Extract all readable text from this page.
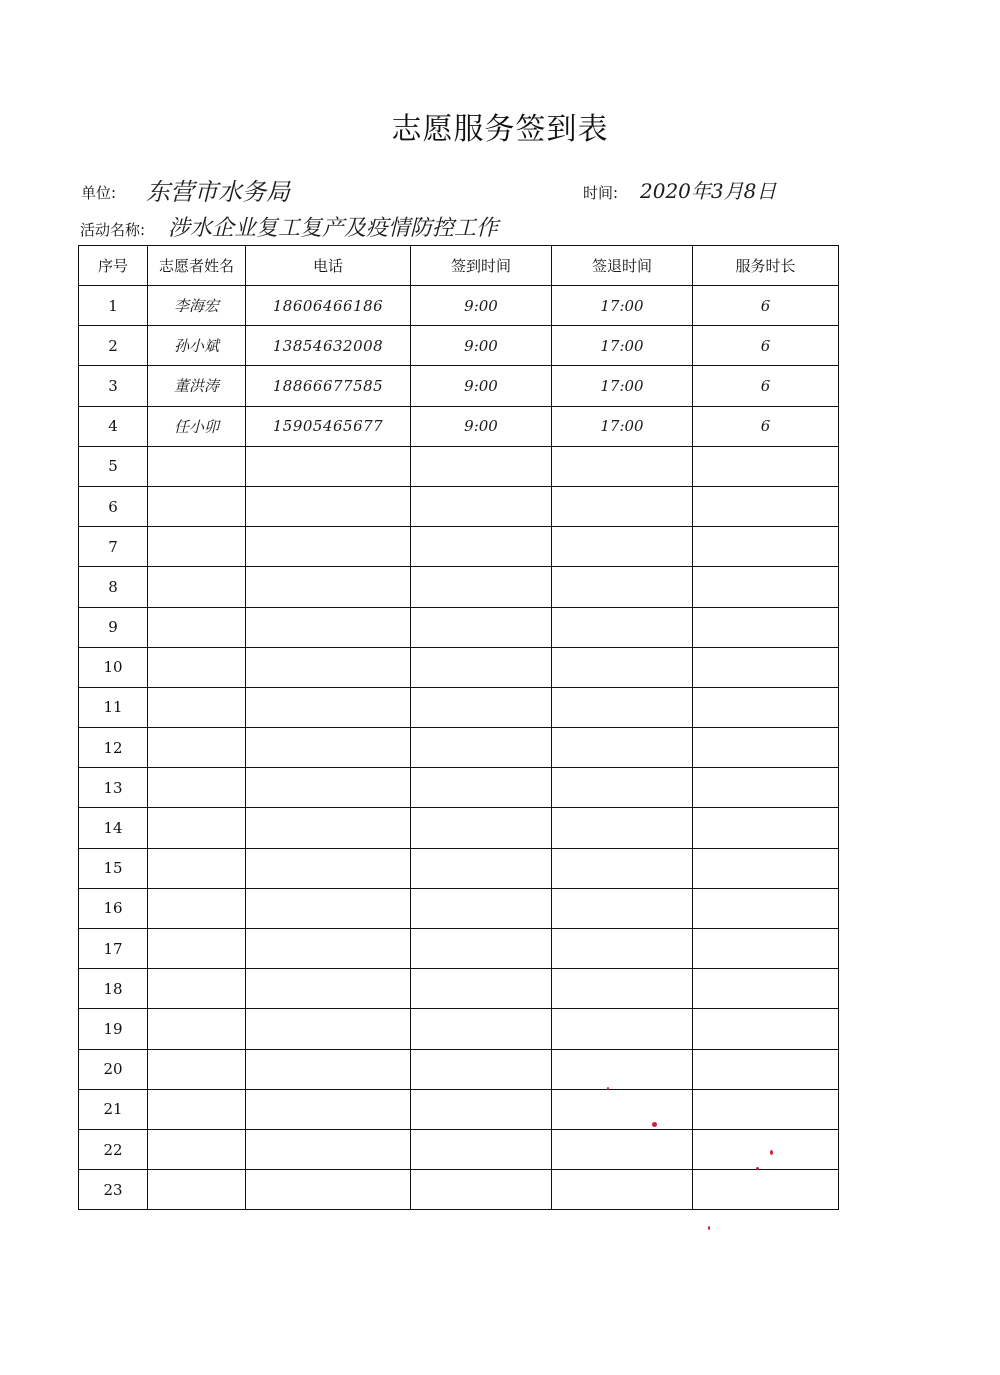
志愿服务签到表
单位: 东营市水务局	时间: 2020年3月8日
活动名称: 涉水企业复工复产及疫情防控工作
序号	志愿者姓名	电话	签到时间	签退时间	服务时长
1	李海宏	18606466186	9:00	17:00	6
2	孙小斌	13854632008	9:00	17:00	6
3	董洪涛	18866677585	9:00	17:00	6
4	任小卯	15905465677	9:00	17:00	6
5					
6					
7					
8					
9					
10					
11					
12					
13					
14					
15					
16					
17					
18					
19					
20					
21					
22					
23					
